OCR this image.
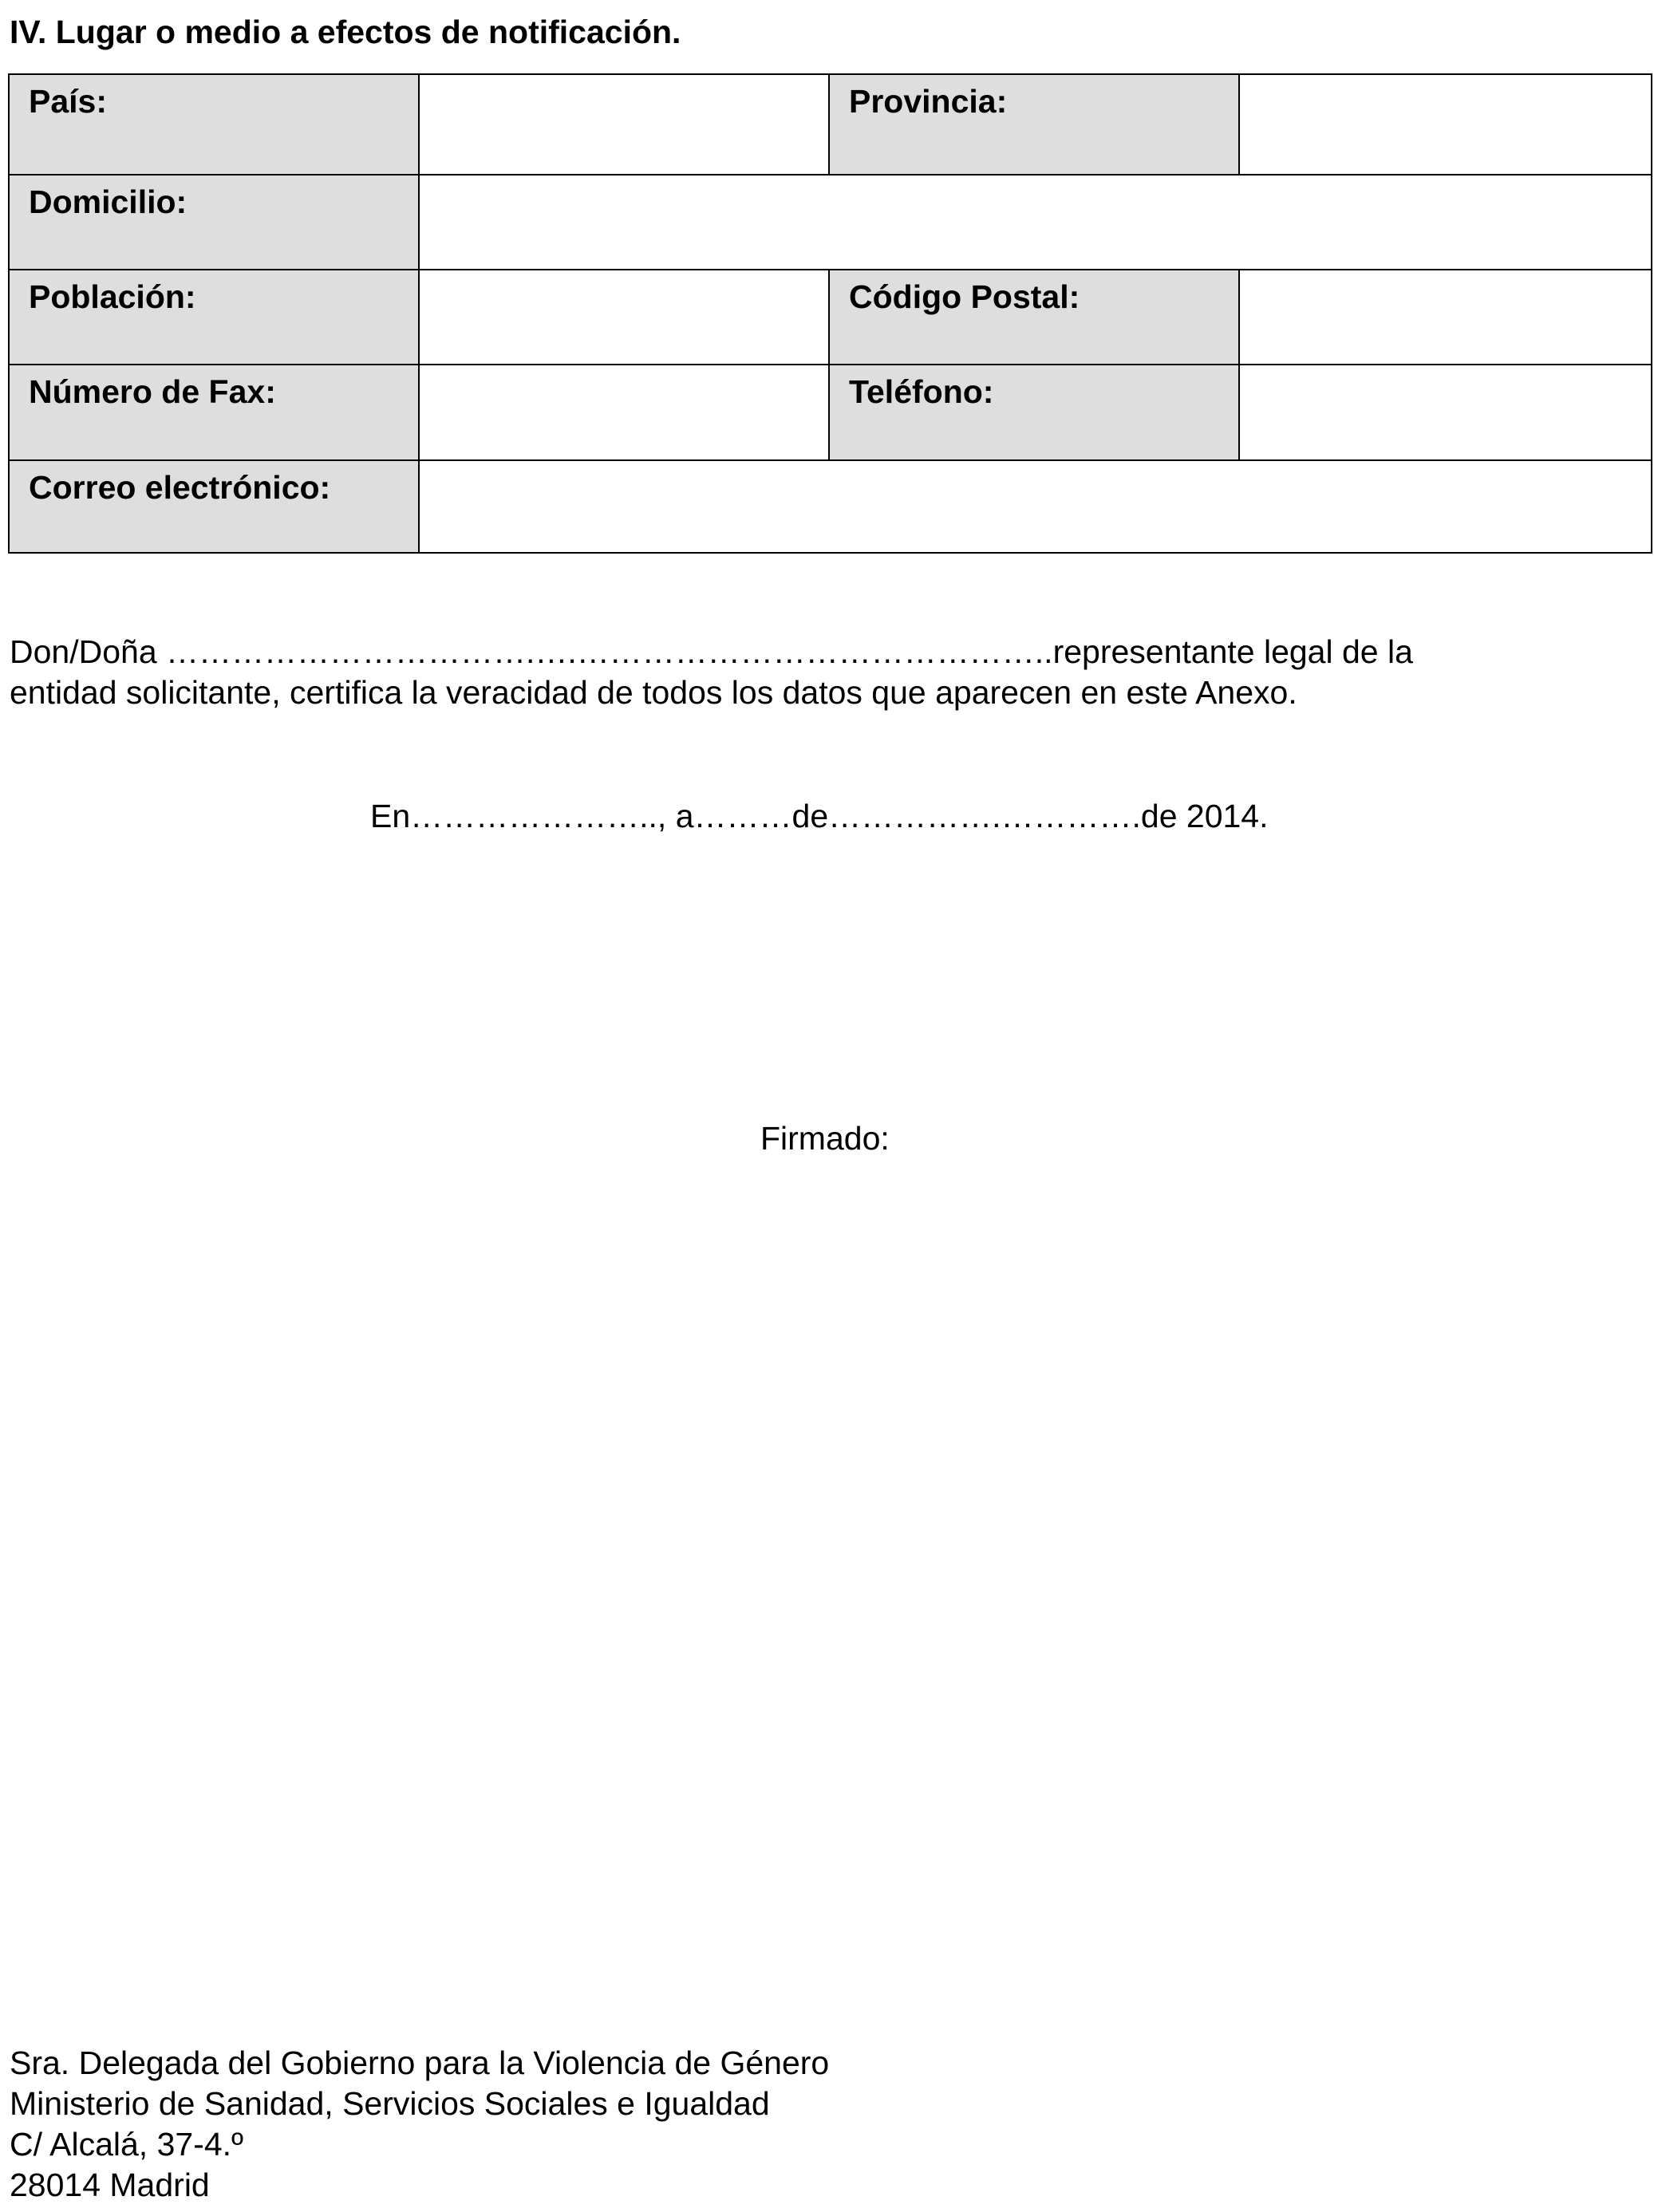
IV. Lugar o medio a efectos de notificación.
País:		Provincia:	
Domicilio:			
Población:		Código Postal:	
Número de Fax:		Teléfono:	
Correo electrónico:			
Don/Doña …………………………….….……………………………………..representante legal de la
entidad solicitante, certifica la veracidad de todos los datos que aparecen en este Anexo.
En………………….., a………de…………….………….de 2014.
Firmado:
Sra. Delegada del Gobierno para la Violencia de Género
Ministerio de Sanidad, Servicios Sociales e Igualdad
C/ Alcalá, 37-4.º
28014 Madrid
